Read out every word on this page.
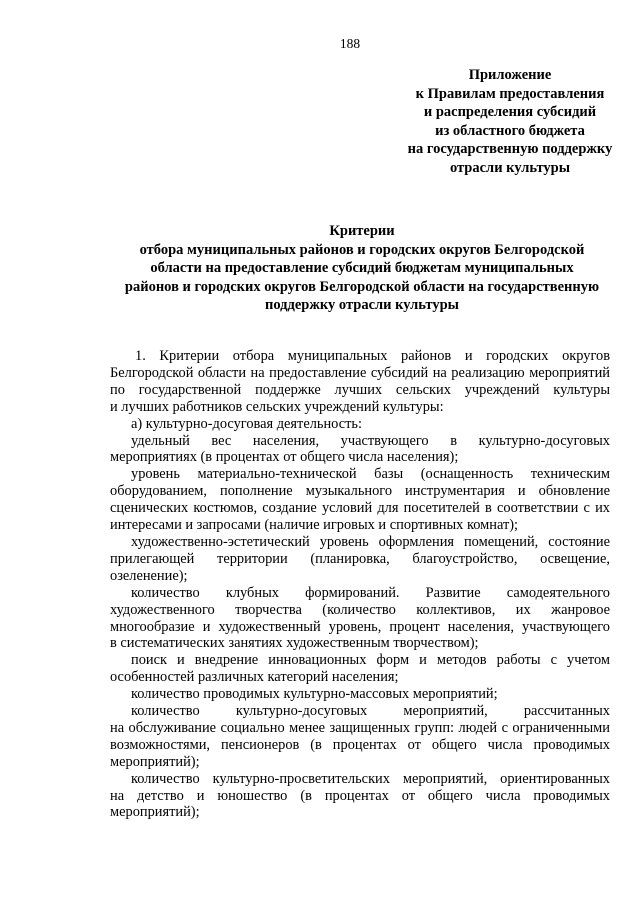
188
Приложение
к Правилам предоставления
и распределения субсидий
из областного бюджета
на государственную поддержку
отрасли культуры
Критерии
отбора муниципальных районов и городских округов Белгородской
области на предоставление субсидий бюджетам муниципальных
районов и городских округов Белгородской области на государственную
поддержку отрасли культуры
1. Критерии отбора муниципальных районов и городских округов
Белгородской области на предоставление субсидий на реализацию мероприятий
по государственной поддержке лучших сельских учреждений культуры
и лучших работников сельских учреждений культуры:
а) культурно-досуговая деятельность:
удельный вес населения, участвующего в культурно-досуговых
мероприятиях (в процентах от общего числа населения);
уровень материально-технической базы (оснащенность техническим
оборудованием, пополнение музыкального инструментария и обновление
сценических костюмов, создание условий для посетителей в соответствии с их
интересами и запросами (наличие игровых и спортивных комнат);
художественно-эстетический уровень оформления помещений, состояние
прилегающей территории (планировка, благоустройство, освещение,
озеленение);
количество клубных формирований. Развитие самодеятельного
художественного творчества (количество коллективов, их жанровое
многообразие и художественный уровень, процент населения, участвующего
в систематических занятиях художественным творчеством);
поиск и внедрение инновационных форм и методов работы с учетом
особенностей различных категорий населения;
количество проводимых культурно-массовых мероприятий;
количество культурно-досуговых мероприятий, рассчитанных
на обслуживание социально менее защищенных групп: людей с ограниченными
возможностями, пенсионеров (в процентах от общего числа проводимых
мероприятий);
количество культурно-просветительских мероприятий, ориентированных
на детство и юношество (в процентах от общего числа проводимых
мероприятий);
